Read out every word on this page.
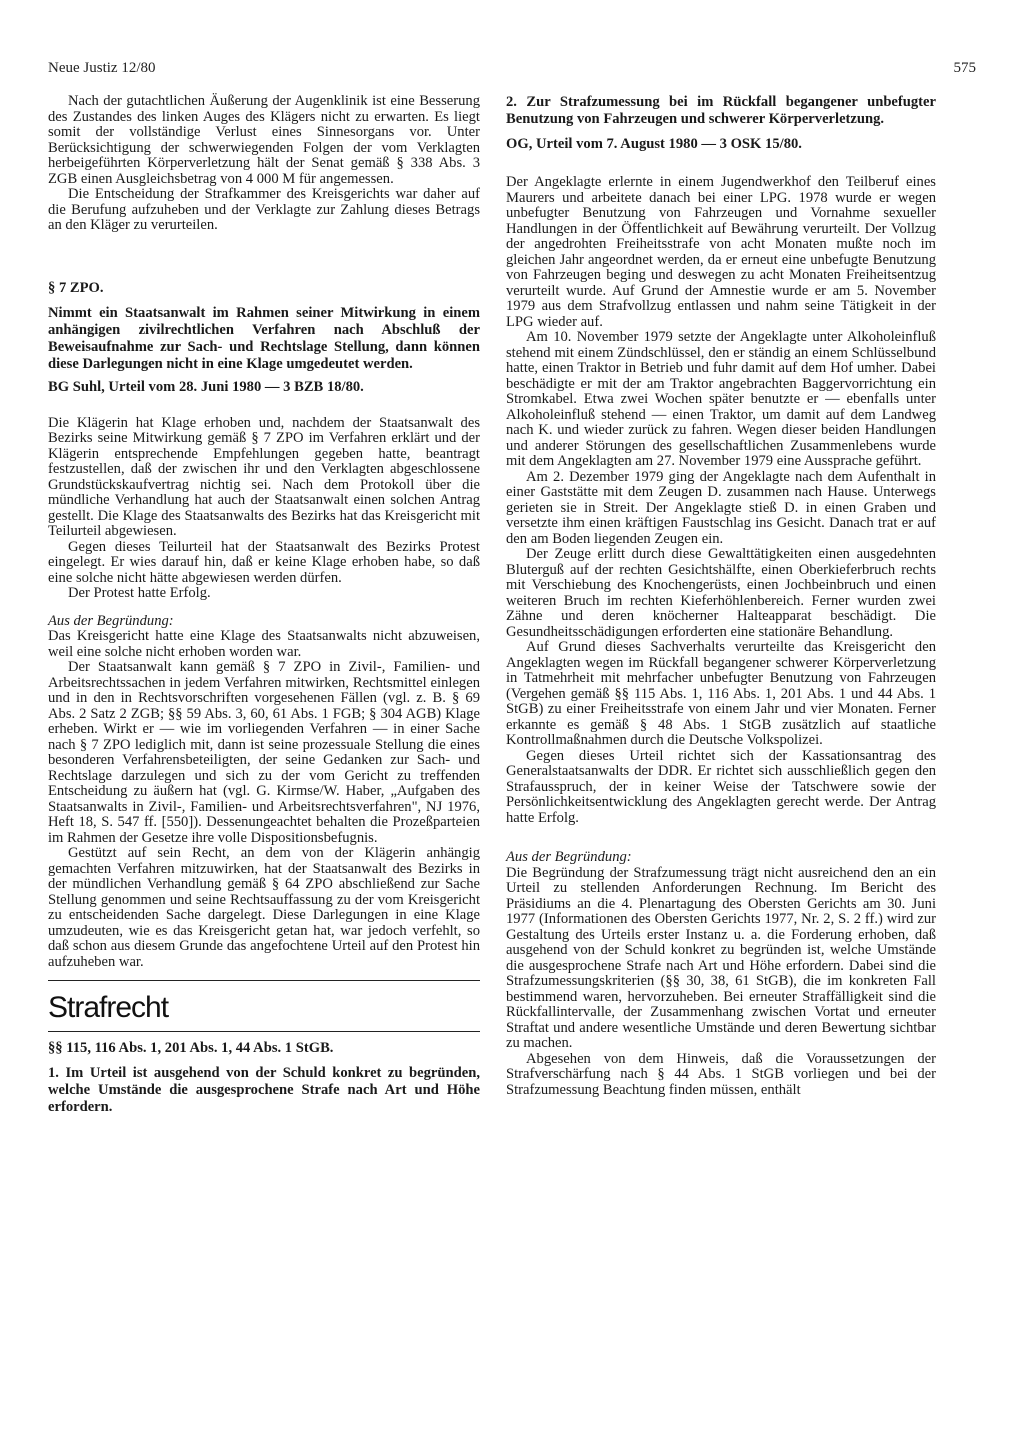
Neue Justiz 12/80	575

Nach der gutachtlichen Äußerung der Augenklinik ist eine Besserung des Zustandes des linken Auges des Klägers nicht zu erwarten. Es liegt somit der vollständige Verlust eines Sinnesorgans vor. Unter Berücksichtigung der schwerwiegenden Folgen der vom Verklagten herbeigeführten Körperverletzung hält der Senat gemäß § 338 Abs. 3 ZGB einen Ausgleichsbetrag von 4 000 M für angemessen.

Die Entscheidung der Strafkammer des Kreisgerichts war daher auf die Berufung aufzuheben und der Verklagte zur Zahlung dieses Betrags an den Kläger zu verurteilen.

§ 7 ZPO.

Nimmt ein Staatsanwalt im Rahmen seiner Mitwirkung in einem anhängigen zivilrechtlichen Verfahren nach Abschluß der Beweisaufnahme zur Sach- und Rechtslage Stellung, dann können diese Darlegungen nicht in eine Klage umgedeutet werden.

BG Suhl, Urteil vom 28. Juni 1980 — 3 BZB 18/80.

Die Klägerin hat Klage erhoben und, nachdem der Staatsanwalt des Bezirks seine Mitwirkung gemäß § 7 ZPO im Verfahren erklärt und der Klägerin entsprechende Empfehlungen gegeben hatte, beantragt festzustellen, daß der zwischen ihr und den Verklagten abgeschlossene Grundstückskaufvertrag nichtig sei. Nach dem Protokoll über die mündliche Verhandlung hat auch der Staatsanwalt einen solchen Antrag gestellt. Die Klage des Staatsanwalts des Bezirks hat das Kreisgericht mit Teilurteil abgewiesen.

Gegen dieses Teilurteil hat der Staatsanwalt des Bezirks Protest eingelegt. Er wies darauf hin, daß er keine Klage erhoben habe, so daß eine solche nicht hätte abgewiesen werden dürfen.

Der Protest hatte Erfolg.

Aus der Begründung:

Das Kreisgericht hatte eine Klage des Staatsanwalts nicht abzuweisen, weil eine solche nicht erhoben worden war.

Der Staatsanwalt kann gemäß § 7 ZPO in Zivil-, Familien- und Arbeitsrechtssachen in jedem Verfahren mitwirken, Rechtsmittel einlegen und in den in Rechtsvorschriften vorgesehenen Fällen (vgl. z. B. § 69 Abs. 2 Satz 2 ZGB; §§ 59 Abs. 3, 60, 61 Abs. 1 FGB; § 304 AGB) Klage erheben. Wirkt er — wie im vorliegenden Verfahren — in einer Sache nach § 7 ZPO lediglich mit, dann ist seine prozessuale Stellung die eines besonderen Verfahrensbeteiligten, der seine Gedanken zur Sach- und Rechtslage darzulegen und sich zu der vom Gericht zu treffenden Entscheidung zu äußern hat (vgl. G. Kirmse/W. Haber, „Aufgaben des Staatsanwalts in Zivil-, Familien- und Arbeitsrechtsverfahren", NJ 1976, Heft 18, S. 547 ff. [550]). Dessenungeachtet behalten die Prozeßparteien im Rahmen der Gesetze ihre volle Dispositionsbefugnis.

Gestützt auf sein Recht, an dem von der Klägerin anhängig gemachten Verfahren mitzuwirken, hat der Staatsanwalt des Bezirks in der mündlichen Verhandlung gemäß § 64 ZPO abschließend zur Sache Stellung genommen und seine Rechtsauffassung zu der vom Kreisgericht zu entscheidenden Sache dargelegt. Diese Darlegungen in eine Klage umzudeuten, wie es das Kreisgericht getan hat, war jedoch verfehlt, so daß schon aus diesem Grunde das angefochtene Urteil auf den Protest hin aufzuheben war.

Strafrecht

§§ 115, 116 Abs. 1, 201 Abs. 1, 44 Abs. 1 StGB.

1. Im Urteil ist ausgehend von der Schuld konkret zu begründen, welche Umstände die ausgesprochene Strafe nach Art und Höhe erfordern.

2. Zur Strafzumessung bei im Rückfall begangener unbefugter Benutzung von Fahrzeugen und schwerer Körperverletzung.

OG, Urteil vom 7. August 1980 — 3 OSK 15/80.

Der Angeklagte erlernte in einem Jugendwerkhof den Teilberuf eines Maurers und arbeitete danach bei einer LPG. 1978 wurde er wegen unbefugter Benutzung von Fahrzeugen und Vornahme sexueller Handlungen in der Öffentlichkeit auf Bewährung verurteilt. Der Vollzug der angedrohten Freiheitsstrafe von acht Monaten mußte noch im gleichen Jahr angeordnet werden, da er erneut eine unbefugte Benutzung von Fahrzeugen beging und deswegen zu acht Monaten Freiheitsentzug verurteilt wurde. Auf Grund der Amnestie wurde er am 5. November 1979 aus dem Strafvollzug entlassen und nahm seine Tätigkeit in der LPG wieder auf.

Am 10. November 1979 setzte der Angeklagte unter Alkoholeinfluß stehend mit einem Zündschlüssel, den er ständig an einem Schlüsselbund hatte, einen Traktor in Betrieb und fuhr damit auf dem Hof umher. Dabei beschädigte er mit der am Traktor angebrachten Baggervorrichtung ein Stromkabel. Etwa zwei Wochen später benutzte er — ebenfalls unter Alkoholeinfluß stehend — einen Traktor, um damit auf dem Landweg nach K. und wieder zurück zu fahren. Wegen dieser beiden Handlungen und anderer Störungen des gesellschaftlichen Zusammenlebens wurde mit dem Angeklagten am 27. November 1979 eine Aussprache geführt.

Am 2. Dezember 1979 ging der Angeklagte nach dem Aufenthalt in einer Gaststätte mit dem Zeugen D. zusammen nach Hause. Unterwegs gerieten sie in Streit. Der Angeklagte stieß D. in einen Graben und versetzte ihm einen kräftigen Faustschlag ins Gesicht. Danach trat er auf den am Boden liegenden Zeugen ein.

Der Zeuge erlitt durch diese Gewalttätigkeiten einen ausgedehnten Bluterguß auf der rechten Gesichtshälfte, einen Oberkieferbruch rechts mit Verschiebung des Knochengerüsts, einen Jochbeinbruch und einen weiteren Bruch im rechten Kieferhöhlenbereich. Ferner wurden zwei Zähne und deren knöcherner Halteapparat beschädigt. Die Gesundheitsschädigungen erforderten eine stationäre Behandlung.

Auf Grund dieses Sachverhalts verurteilte das Kreisgericht den Angeklagten wegen im Rückfall begangener schwerer Körperverletzung in Tatmehrheit mit mehrfacher unbefugter Benutzung von Fahrzeugen (Vergehen gemäß §§ 115 Abs. 1, 116 Abs. 1, 201 Abs. 1 und 44 Abs. 1 StGB) zu einer Freiheitsstrafe von einem Jahr und vier Monaten. Ferner erkannte es gemäß § 48 Abs. 1 StGB zusätzlich auf staatliche Kontrollmaßnahmen durch die Deutsche Volkspolizei.

Gegen dieses Urteil richtet sich der Kassationsantrag des Generalstaatsanwalts der DDR. Er richtet sich ausschließlich gegen den Strafausspruch, der in keiner Weise der Tatschwere sowie der Persönlichkeitsentwicklung des Angeklagten gerecht werde. Der Antrag hatte Erfolg.

Aus der Begründung:

Die Begründung der Strafzumessung trägt nicht ausreichend den an ein Urteil zu stellenden Anforderungen Rechnung. Im Bericht des Präsidiums an die 4. Plenartagung des Obersten Gerichts am 30. Juni 1977 (Informationen des Obersten Gerichts 1977, Nr. 2, S. 2 ff.) wird zur Gestaltung des Urteils erster Instanz u. a. die Forderung erhoben, daß ausgehend von der Schuld konkret zu begründen ist, welche Umstände die ausgesprochene Strafe nach Art und Höhe erfordern. Dabei sind die Strafzumessungskriterien (§§ 30, 38, 61 StGB), die im konkreten Fall bestimmend waren, hervorzuheben. Bei erneuter Straffälligkeit sind die Rückfallintervalle, der Zusammenhang zwischen Vortat und erneuter Straftat und andere wesentliche Umstände und deren Bewertung sichtbar zu machen.

Abgesehen von dem Hinweis, daß die Voraussetzungen der Strafverschärfung nach § 44 Abs. 1 StGB vorliegen und bei der Strafzumessung Beachtung finden müssen, enthält
